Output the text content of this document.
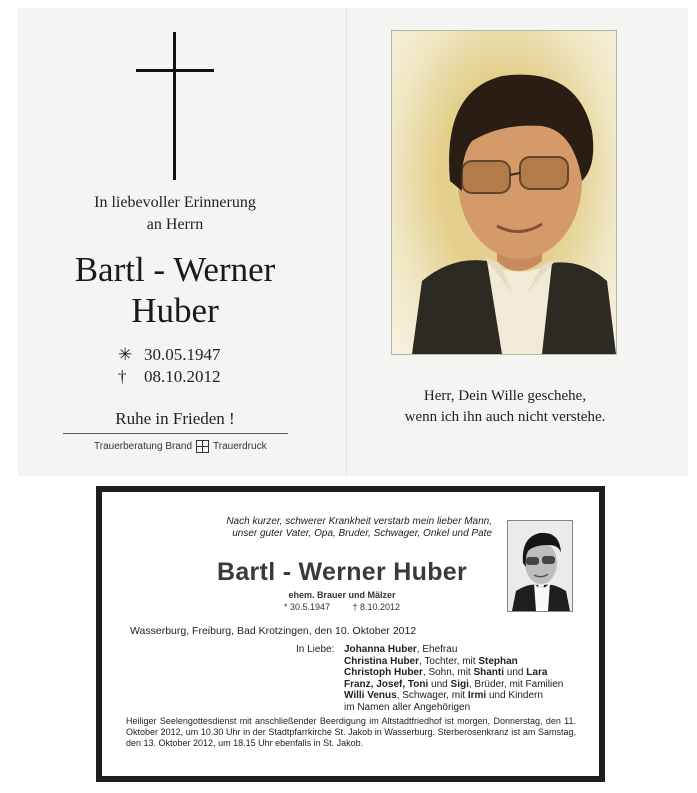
In liebevoller Erinnerung
an Herrn
Bartl - Werner
Huber
✳ 30.05.1947
†	08.10.2012
Ruhe in Frieden !
Trauerberatung Brand Trauerdruck
Herr, Dein Wille geschehe,
wenn ich ihn auch nicht verstehe.
Nach kurzer, schwerer Krankheit verstarb mein lieber Mann,
unser guter Vater, Opa, Bruder, Schwager, Onkel und Pate
Bartl - Werner Huber
ehem. Brauer und Mälzer
* 30.5.1947	† 8.10.2012
Wasserburg, Freiburg, Bad Krotzingen, den 10. Oktober 2012
In Liebe: Johanna Huber, Ehefrau
Christina Huber, Tochter, mit Stephan
Christoph Huber, Sohn, mit Shanti und Lara
Franz, Josef, Toni und Sigi, Brüder, mit Familien
Willi Venus, Schwager, mit Irmi und Kindern
im Namen aller Angehörigen
Heiliger Seelengottesdienst mit anschließender Beerdigung im Altstadtfriedhof ist morgen, Donnerstag, den 11. Oktober 2012, um 10.30 Uhr in der Stadtpfarrkirche St. Jakob in Wasserburg. Sterberosenkranz ist am Samstag, den 13. Oktober 2012, um 18.15 Uhr ebenfalls in St. Jakob.
